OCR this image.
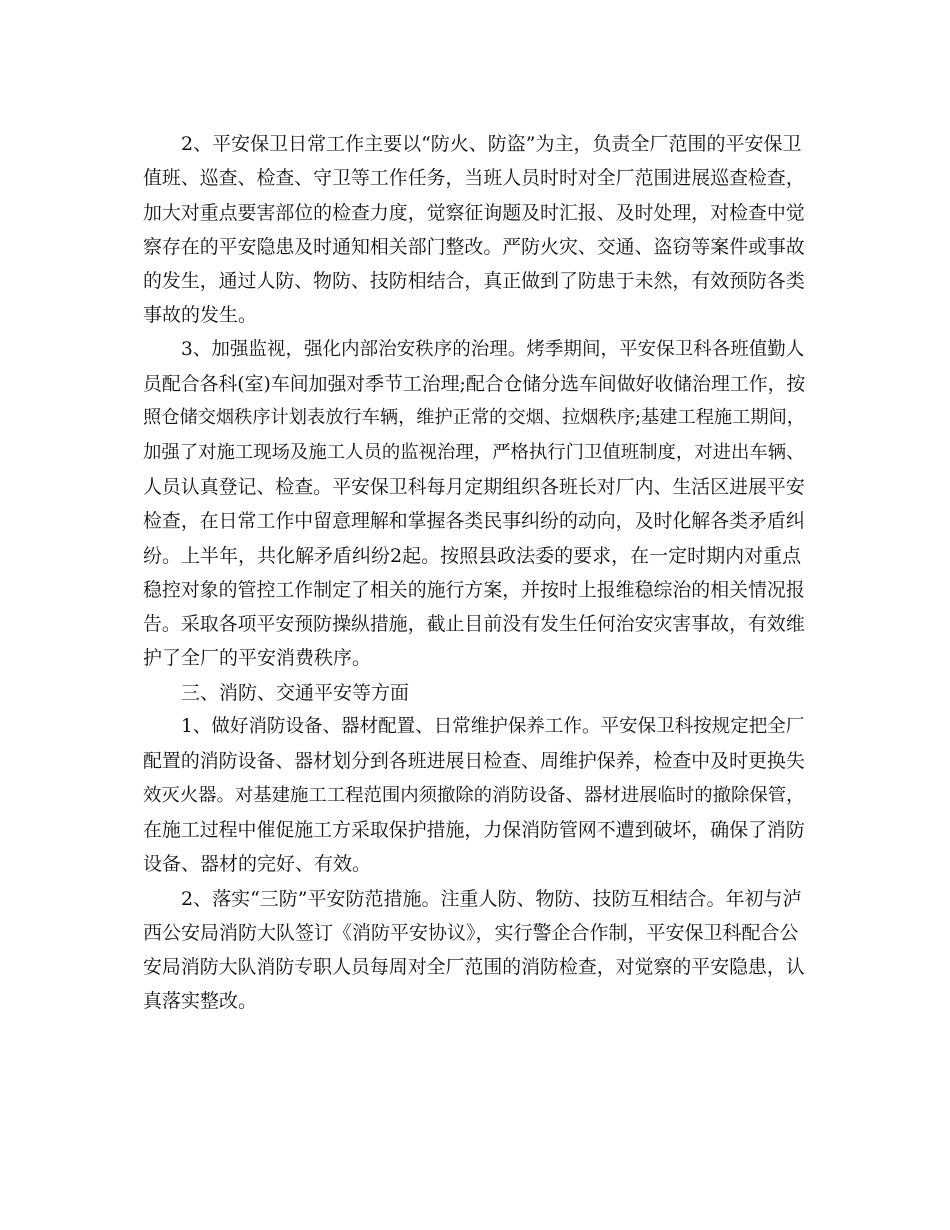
2、平安保卫日常工作主要以“防火、防盗”为主，负责全厂范围的平安保卫
值班、巡查、检查、守卫等工作任务，当班人员时时对全厂范围进展巡查检查，
加大对重点要害部位的检查力度，觉察征询题及时汇报、及时处理，对检查中觉
察存在的平安隐患及时通知相关部门整改。严防火灾、交通、盗窃等案件或事故
的发生，通过人防、物防、技防相结合，真正做到了防患于未然，有效预防各类
事故的发生。
3、加强监视，强化内部治安秩序的治理。烤季期间，平安保卫科各班值勤人
员配合各科(室)车间加强对季节工治理;配合仓储分选车间做好收储治理工作，按
照仓储交烟秩序计划表放行车辆，维护正常的交烟、拉烟秩序;基建工程施工期间，
加强了对施工现场及施工人员的监视治理，严格执行门卫值班制度，对进出车辆、
人员认真登记、检查。平安保卫科每月定期组织各班长对厂内、生活区进展平安
检查，在日常工作中留意理解和掌握各类民事纠纷的动向，及时化解各类矛盾纠
纷。上半年，共化解矛盾纠纷2起。按照县政法委的要求，在一定时期内对重点
稳控对象的管控工作制定了相关的施行方案，并按时上报维稳综治的相关情况报
告。采取各项平安预防操纵措施，截止目前没有发生任何治安灾害事故，有效维
护了全厂的平安消费秩序。
三、消防、交通平安等方面
1、做好消防设备、器材配置、日常维护保养工作。平安保卫科按规定把全厂
配置的消防设备、器材划分到各班进展日检查、周维护保养，检查中及时更换失
效灭火器。对基建施工工程范围内须撤除的消防设备、器材进展临时的撤除保管，
在施工过程中催促施工方采取保护措施，力保消防管网不遭到破坏，确保了消防
设备、器材的完好、有效。
2、落实“三防”平安防范措施。注重人防、物防、技防互相结合。年初与泸
西公安局消防大队签订《消防平安协议》，实行警企合作制，平安保卫科配合公
安局消防大队消防专职人员每周对全厂范围的消防检查，对觉察的平安隐患，认
真落实整改。
